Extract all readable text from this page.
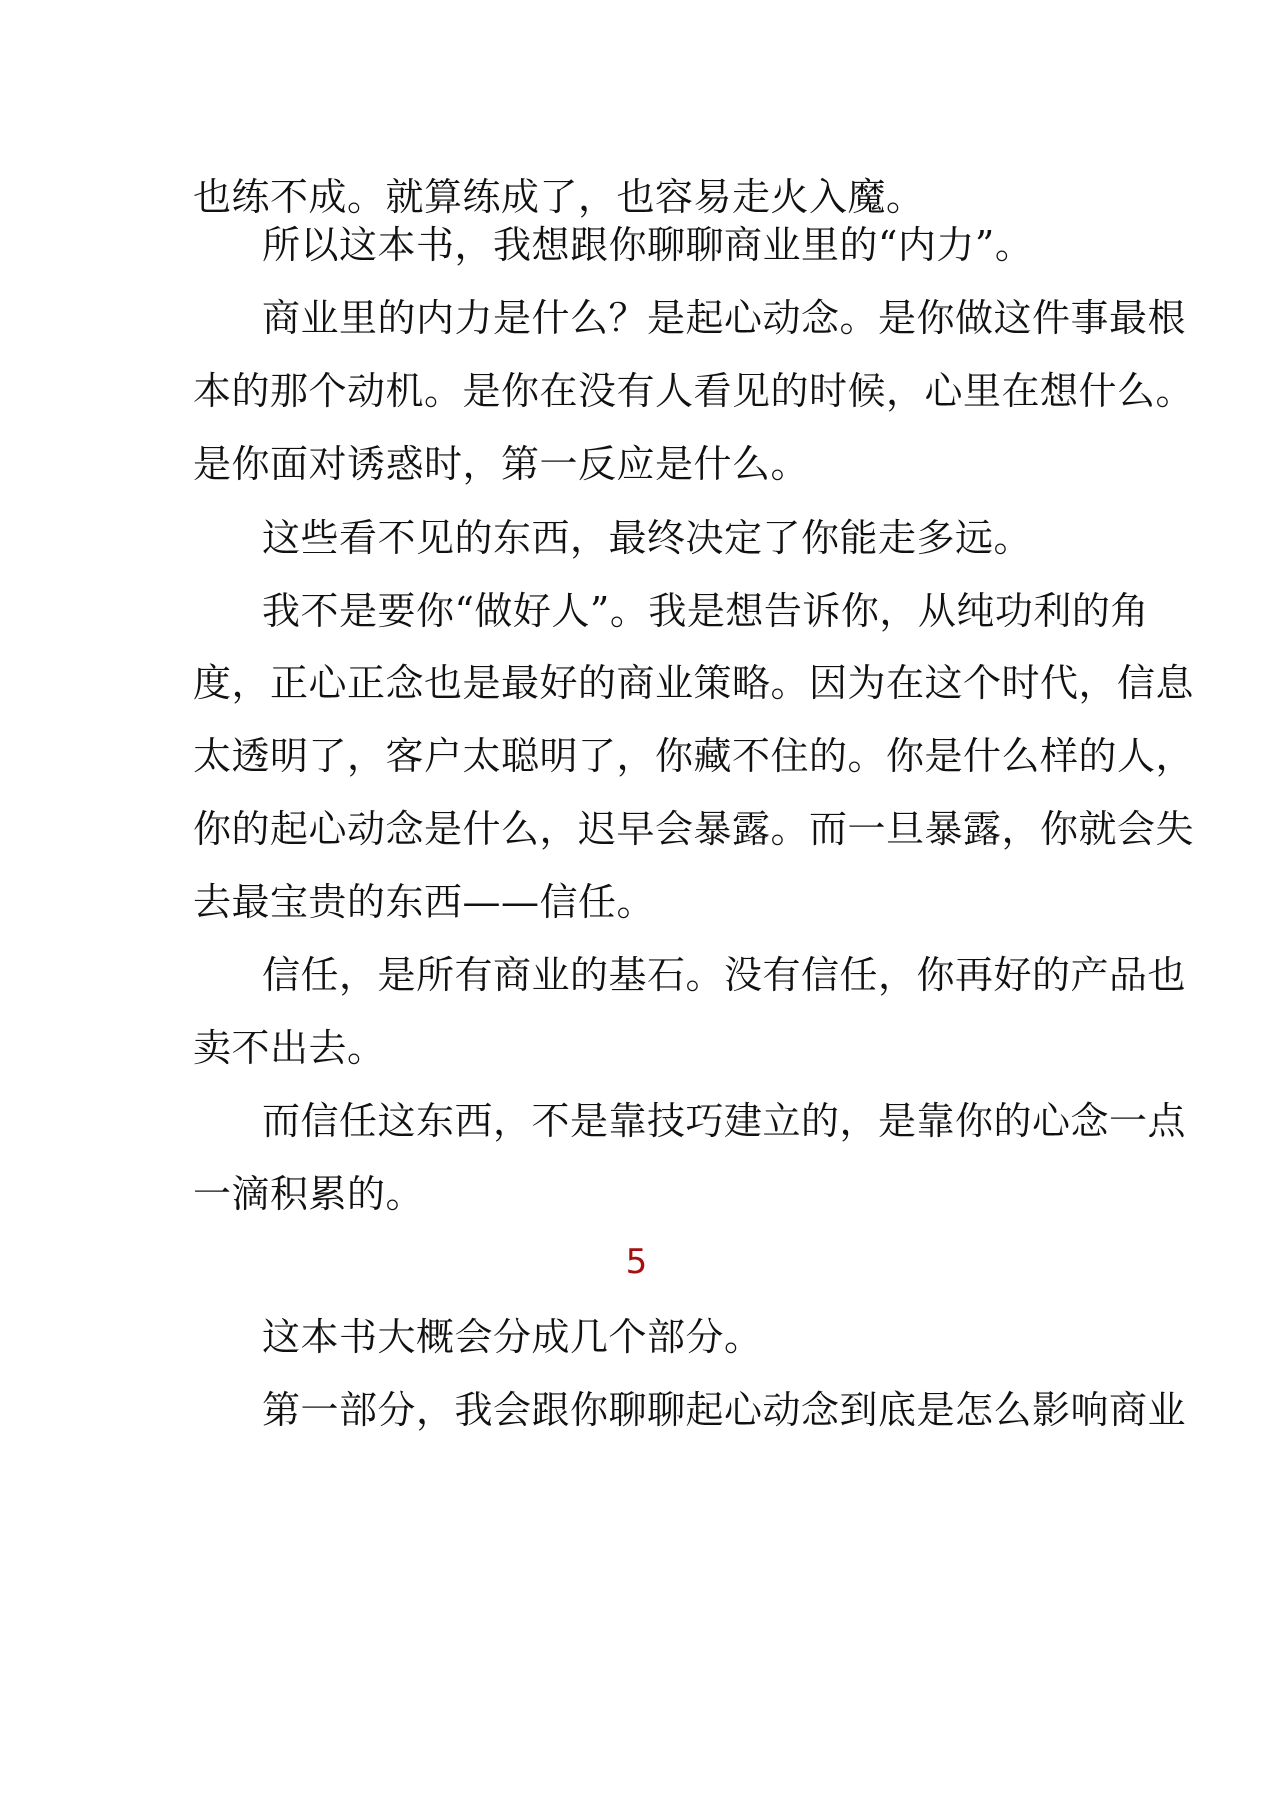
也练不成。就算练成了，也容易走火入魔。
所以这本书，我想跟你聊聊商业里的“内力”。
商业里的内力是什么？是起心动念。是你做这件事最根
本的那个动机。是你在没有人看见的时候，心里在想什么。
是你面对诱惑时，第一反应是什么。
这些看不见的东西，最终决定了你能走多远。
我不是要你“做好人”。我是想告诉你，从纯功利的角
度，正心正念也是最好的商业策略。因为在这个时代，信息
太透明了，客户太聪明了，你藏不住的。你是什么样的人，
你的起心动念是什么，迟早会暴露。而一旦暴露，你就会失
去最宝贵的东西——信任。
信任，是所有商业的基石。没有信任，你再好的产品也
卖不出去。
而信任这东西，不是靠技巧建立的，是靠你的心念一点
一滴积累的。
5
这本书大概会分成几个部分。
第一部分，我会跟你聊聊起心动念到底是怎么影响商业
